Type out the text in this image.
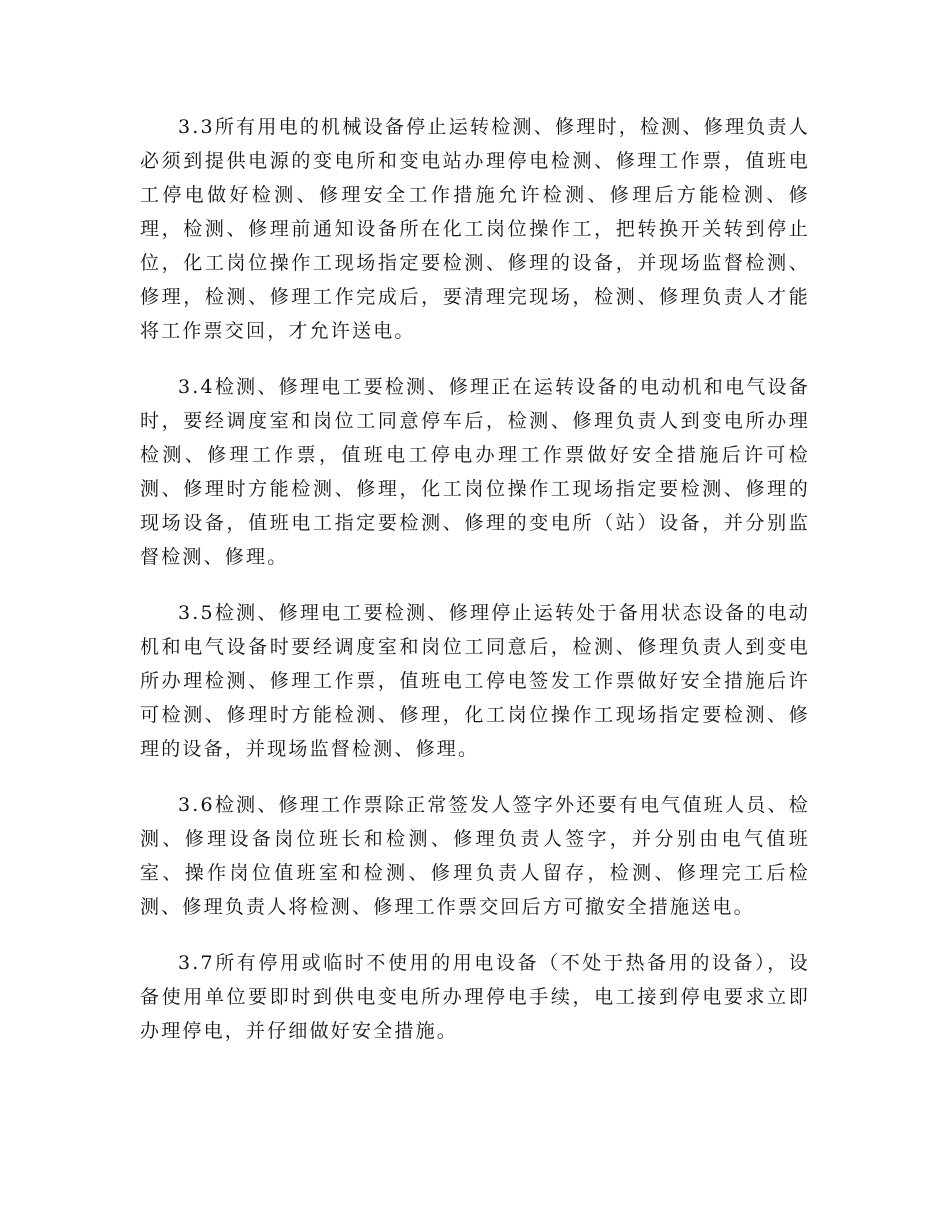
3.3所有用电的机械设备停止运转检测、修理时，检测、修理负责人必须到提供电源的变电所和变电站办理停电检测、修理工作票，值班电工停电做好检测、修理安全工作措施允许检测、修理后方能检测、修理，检测、修理前通知设备所在化工岗位操作工，把转换开关转到停止位，化工岗位操作工现场指定要检测、修理的设备，并现场监督检测、修理，检测、修理工作完成后，要清理完现场，检测、修理负责人才能将工作票交回，才允许送电。

3.4检测、修理电工要检测、修理正在运转设备的电动机和电气设备时，要经调度室和岗位工同意停车后，检测、修理负责人到变电所办理检测、修理工作票，值班电工停电办理工作票做好安全措施后许可检测、修理时方能检测、修理，化工岗位操作工现场指定要检测、修理的现场设备，值班电工指定要检测、修理的变电所（站）设备，并分别监督检测、修理。

3.5检测、修理电工要检测、修理停止运转处于备用状态设备的电动机和电气设备时要经调度室和岗位工同意后，检测、修理负责人到变电所办理检测、修理工作票，值班电工停电签发工作票做好安全措施后许可检测、修理时方能检测、修理，化工岗位操作工现场指定要检测、修理的设备，并现场监督检测、修理。

3.6检测、修理工作票除正常签发人签字外还要有电气值班人员、检测、修理设备岗位班长和检测、修理负责人签字，并分别由电气值班室、操作岗位值班室和检测、修理负责人留存，检测、修理完工后检测、修理负责人将检测、修理工作票交回后方可撤安全措施送电。

3.7所有停用或临时不使用的用电设备（不处于热备用的设备），设备使用单位要即时到供电变电所办理停电手续，电工接到停电要求立即办理停电，并仔细做好安全措施。
